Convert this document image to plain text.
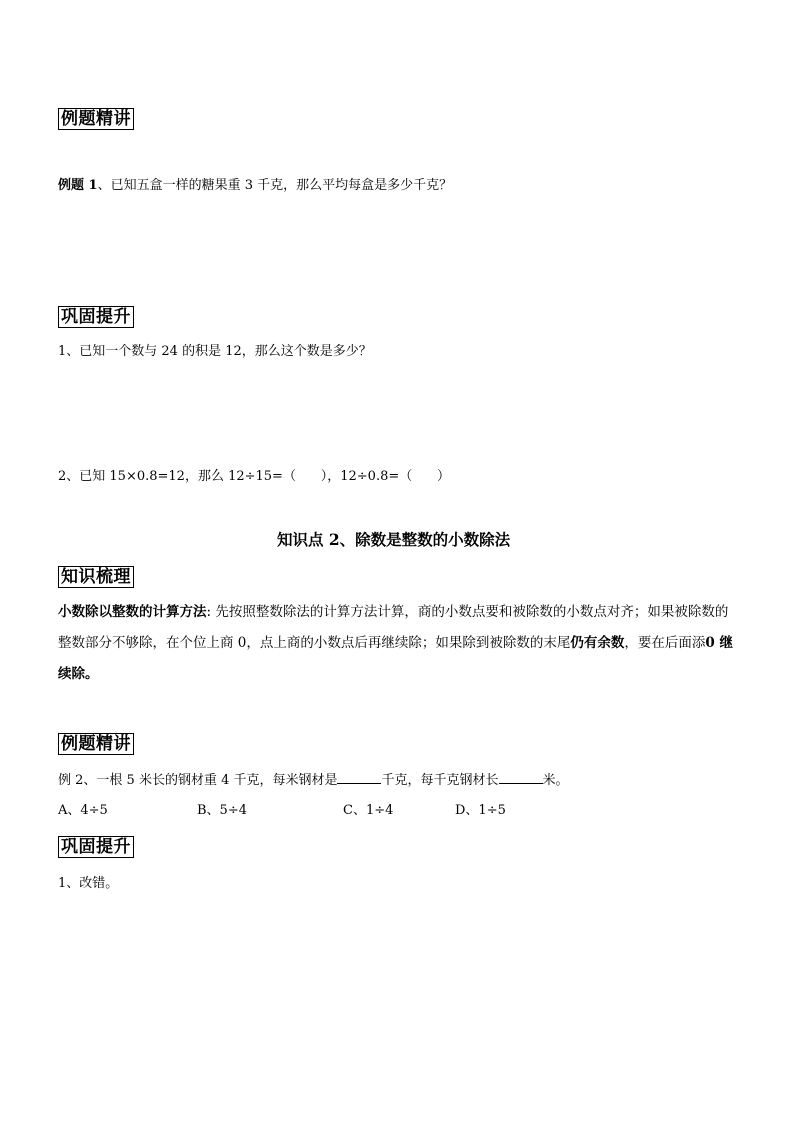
例题精讲
例题 1、已知五盒一样的糖果重 3 千克，那么平均每盒是多少千克？
巩固提升
1、已知一个数与 24 的积是 12，那么这个数是多少？
2、已知 15×0.8=12，那么 12÷15=（      ），12÷0.8=（      ）
知识点 2、除数是整数的小数除法
知识梳理
小数除以整数的计算方法: 先按照整数除法的计算方法计算，商的小数点要和被除数的小数点对齐；如果被除数的整数部分不够除，在个位上商 0，点上商的小数点后再继续除；如果除到被除数的末尾仍有余数，要在后面添0 继续除。
例题精讲
例 2、一根 5 米长的钢材重 4 千克，每米钢材是	千克，每千克钢材长	米。
A、4÷5	B、5÷4	C、1÷4	D、1÷5
巩固提升
1、改错。
